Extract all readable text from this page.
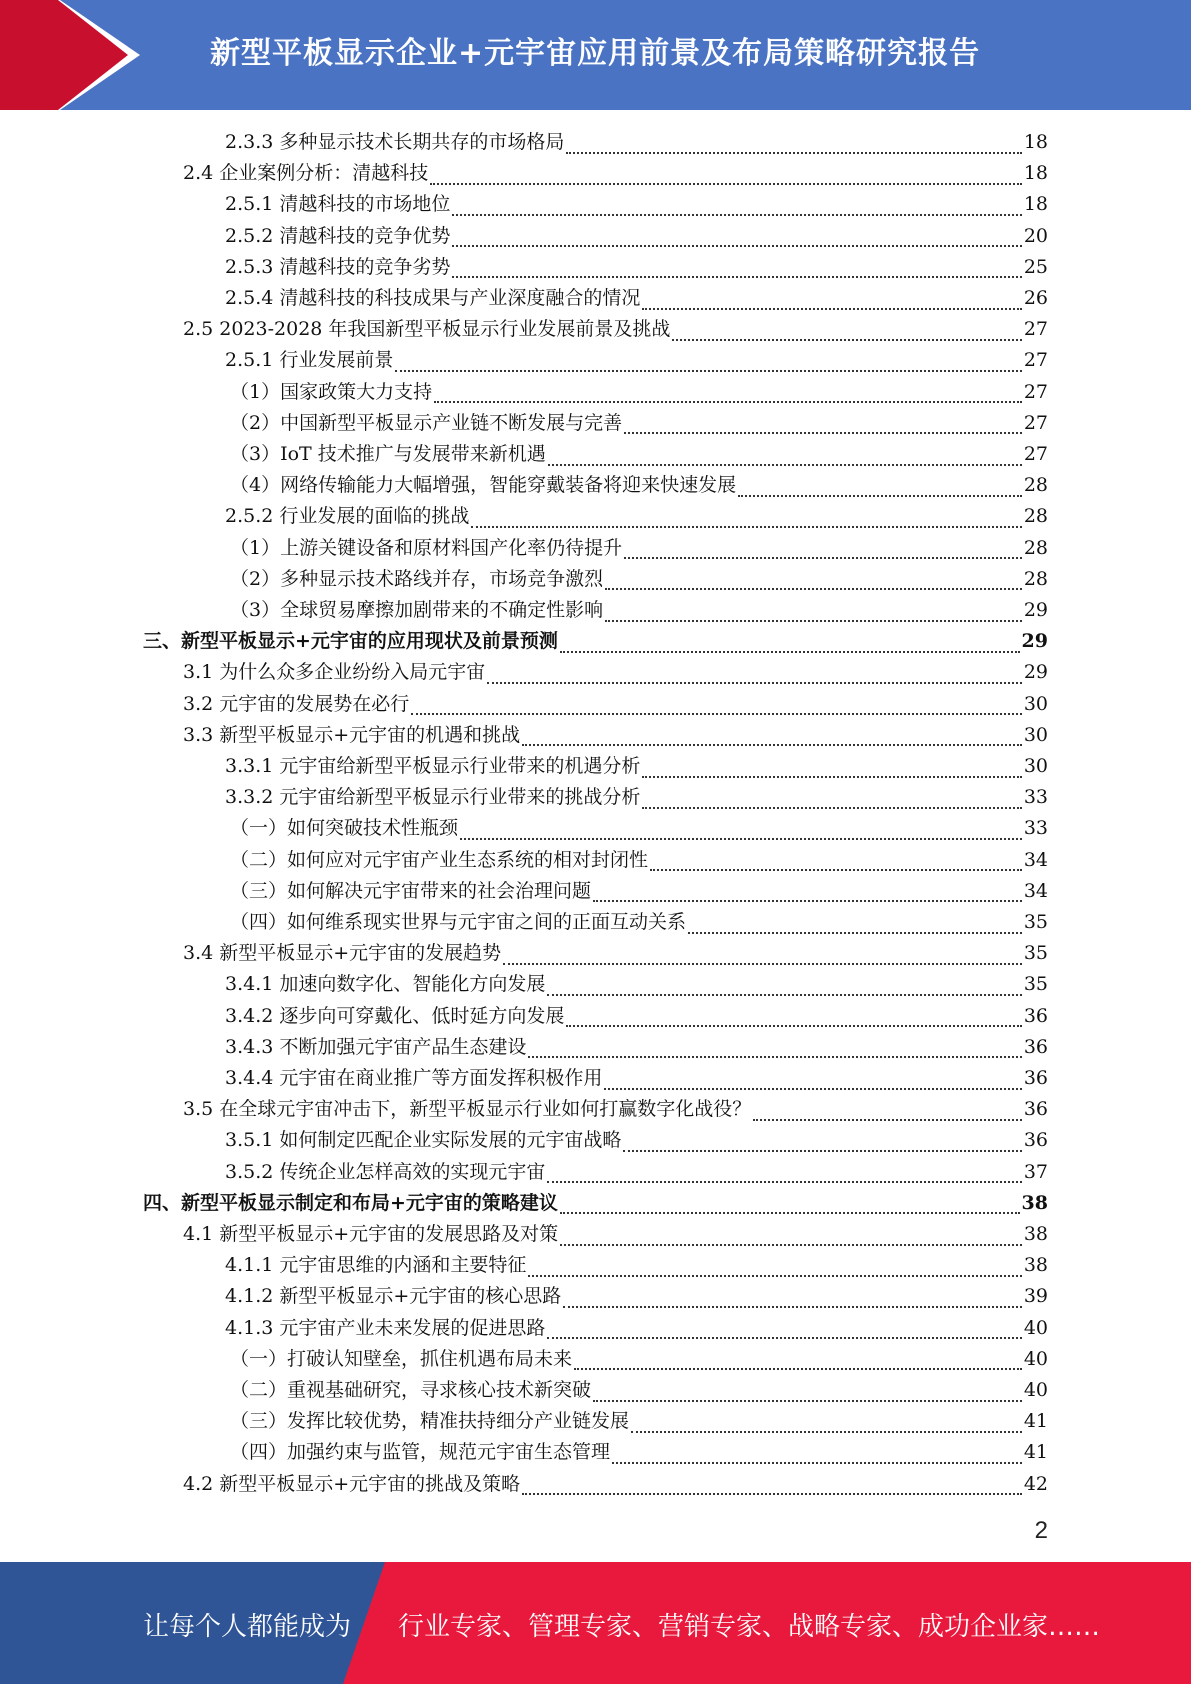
新型平板显示企业+元宇宙应用前景及布局策略研究报告
2.3.3 多种显示技术长期共存的市场格局	18
2.4 企业案例分析：清越科技	18
2.5.1 清越科技的市场地位	18
2.5.2 清越科技的竞争优势	20
2.5.3 清越科技的竞争劣势	25
2.5.4 清越科技的科技成果与产业深度融合的情况	26
2.5 2023-2028 年我国新型平板显示行业发展前景及挑战	27
2.5.1 行业发展前景	27
（1）国家政策大力支持	27
（2）中国新型平板显示产业链不断发展与完善	27
（3）IoT 技术推广与发展带来新机遇	27
（4）网络传输能力大幅增强，智能穿戴装备将迎来快速发展	28
2.5.2 行业发展的面临的挑战	28
（1）上游关键设备和原材料国产化率仍待提升	28
（2）多种显示技术路线并存，市场竞争激烈	28
（3）全球贸易摩擦加剧带来的不确定性影响	29
三、新型平板显示+元宇宙的应用现状及前景预测	29
3.1 为什么众多企业纷纷入局元宇宙	29
3.2 元宇宙的发展势在必行	30
3.3 新型平板显示+元宇宙的机遇和挑战	30
3.3.1 元宇宙给新型平板显示行业带来的机遇分析	30
3.3.2 元宇宙给新型平板显示行业带来的挑战分析	33
（一）如何突破技术性瓶颈	33
（二）如何应对元宇宙产业生态系统的相对封闭性	34
（三）如何解决元宇宙带来的社会治理问题	34
（四）如何维系现实世界与元宇宙之间的正面互动关系	35
3.4 新型平板显示+元宇宙的发展趋势	35
3.4.1 加速向数字化、智能化方向发展	35
3.4.2 逐步向可穿戴化、低时延方向发展	36
3.4.3 不断加强元宇宙产品生态建设	36
3.4.4 元宇宙在商业推广等方面发挥积极作用	36
3.5 在全球元宇宙冲击下，新型平板显示行业如何打赢数字化战役？	36
3.5.1 如何制定匹配企业实际发展的元宇宙战略	36
3.5.2 传统企业怎样高效的实现元宇宙	37
四、新型平板显示制定和布局+元宇宙的策略建议	38
4.1 新型平板显示+元宇宙的发展思路及对策	38
4.1.1 元宇宙思维的内涵和主要特征	38
4.1.2 新型平板显示+元宇宙的核心思路	39
4.1.3 元宇宙产业未来发展的促进思路	40
（一）打破认知壁垒，抓住机遇布局未来	40
（二）重视基础研究，寻求核心技术新突破	40
（三）发挥比较优势，精准扶持细分产业链发展	41
（四）加强约束与监管，规范元宇宙生态管理	41
4.2 新型平板显示+元宇宙的挑战及策略	42
2
让每个人都能成为 行业专家、管理专家、营销专家、战略专家、成功企业家……
